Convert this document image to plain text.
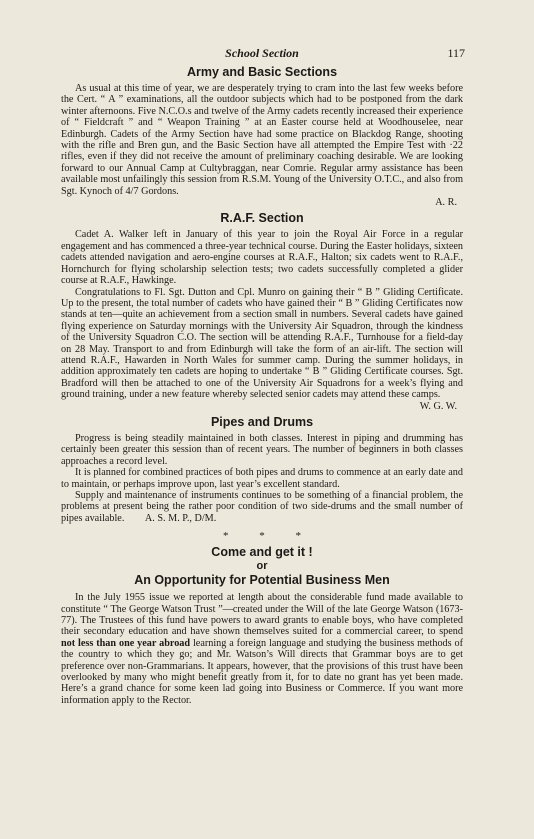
School Section	117
Army and Basic Sections

As usual at this time of year, we are desperately trying to cram into the last few weeks before the Cert. “ A ” examinations, all the outdoor subjects which had to be postponed from the dark winter afternoons. Five N.C.O.s and twelve of the Army cadets recently increased their experience of “ Fieldcraft ” and “ Weapon Training ” at an Easter course held at Woodhouselee, near Edinburgh. Cadets of the Army Section have had some practice on Blackdog Range, shooting with the rifle and Bren gun, and the Basic Section have all attempted the Empire Test with ·22 rifles, even if they did not receive the amount of preliminary coaching desirable. We are looking forward to our Annual Camp at Cultybraggan, near Comrie. Regular army assistance has been available most unfailingly this session from R.S.M. Young of the University O.T.C., and also from Sgt. Kynoch of 4/7 Gordons.

A. R.
R.A.F. Section

Cadet A. Walker left in January of this year to join the Royal Air Force in a regular engagement and has commenced a three-year technical course. During the Easter holidays, sixteen cadets attended navigation and aero-engine courses at R.A.F., Halton; six cadets went to R.A.F., Hornchurch for flying scholarship selection tests; two cadets successfully completed a glider course at R.A.F., Hawkinge.

Congratulations to Fl. Sgt. Dutton and Cpl. Munro on gaining their “ B ” Gliding Certificate. Up to the present, the total number of cadets who have gained their “ B ” Gliding Certificates now stands at ten—quite an achievement from a section small in numbers. Several cadets have gained flying experience on Saturday mornings with the University Air Squadron, through the kindness of the University Squadron C.O. The section will be attending R.A.F., Turnhouse for a field-day on 28 May. Transport to and from Edinburgh will take the form of an air-lift. The section will attend R.A.F., Hawarden in North Wales for summer camp. During the summer holidays, in addition approximately ten cadets are hoping to undertake “ B ” Gliding Certificate courses. Sgt. Bradford will then be attached to one of the University Air Squadrons for a week’s flying and ground training, under a new feature whereby selected senior cadets may attend these camps.

W. G. W.
Pipes and Drums

Progress is being steadily maintained in both classes. Interest in piping and drumming has certainly been greater this session than of recent years. The number of beginners in both classes approaches a record level.

It is planned for combined practices of both pipes and drums to commence at an early date and to maintain, or perhaps improve upon, last year’s excellent standard.

Supply and maintenance of instruments continues to be something of a financial problem, the problems at present being the rather poor condition of two side-drums and the small number of pipes available. A. S. M. P., D/M.

* * *
Come and get it !
or
An Opportunity for Potential Business Men

In the July 1955 issue we reported at length about the considerable fund made available to constitute “ The George Watson Trust ”—created under the Will of the late George Watson (1673-77). The Trustees of this fund have powers to award grants to enable boys, who have completed their secondary education and have shown themselves suited for a commercial career, to spend not less than one year abroad learning a foreign language and studying the business methods of the country to which they go; and Mr. Watson’s Will directs that Grammar boys are to get preference over non-Grammarians. It appears, however, that the provisions of this trust have been overlooked by many who might benefit greatly from it, for to date no grant has yet been made. Here’s a grand chance for some keen lad going into Business or Commerce. If you want more information apply to the Rector.
